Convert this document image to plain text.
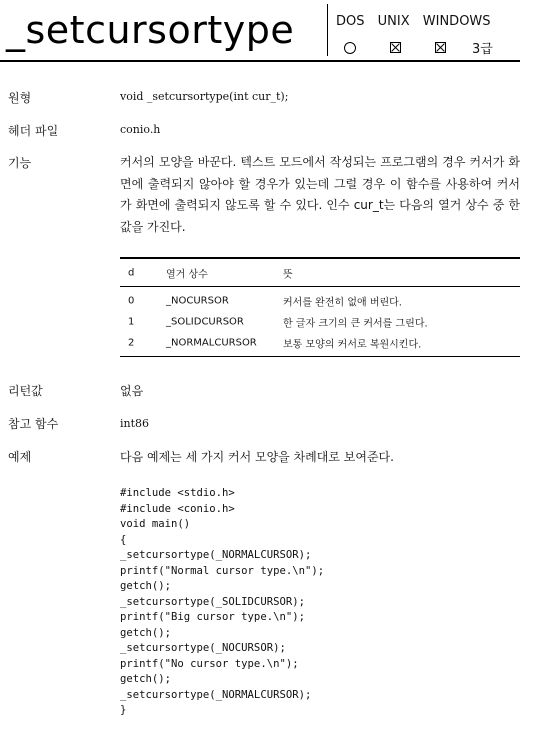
_setcursortype	DOS UNIX WINDOWS
3급
원형	void _setcursortype(int cur_t);
헤더 파일	conio.h
기능	커서의 모양을 바꾼다. 텍스트 모드에서 작성되는 프로그램의 경우 커서가 화면에 출력되지 않아야 할 경우가 있는데 그럴 경우 이 함수를 사용하여 커서가 화면에 출력되지 않도록 할 수 있다. 인수 cur_t는 다음의 열거 상수 중 한 값을 가진다.
d	열거 상수	뜻
0	_NOCURSOR	커서를 완전히 없애 버린다.
1	_SOLIDCURSOR	한 글자 크기의 큰 커서를 그린다.
2	_NORMALCURSOR	보통 모양의 커서로 복원시킨다.
리턴값	없음
참고 함수	int86
예제	다음 예제는 세 가지 커서 모양을 차례대로 보여준다.
#include <stdio.h>
#include <conio.h>
void main()
{
_setcursortype(_NORMALCURSOR);
printf("Normal cursor type.\n");
getch();
_setcursortype(_SOLIDCURSOR);
printf("Big cursor type.\n");
getch();
_setcursortype(_NOCURSOR);
printf("No cursor type.\n");
getch();
_setcursortype(_NORMALCURSOR);
}
